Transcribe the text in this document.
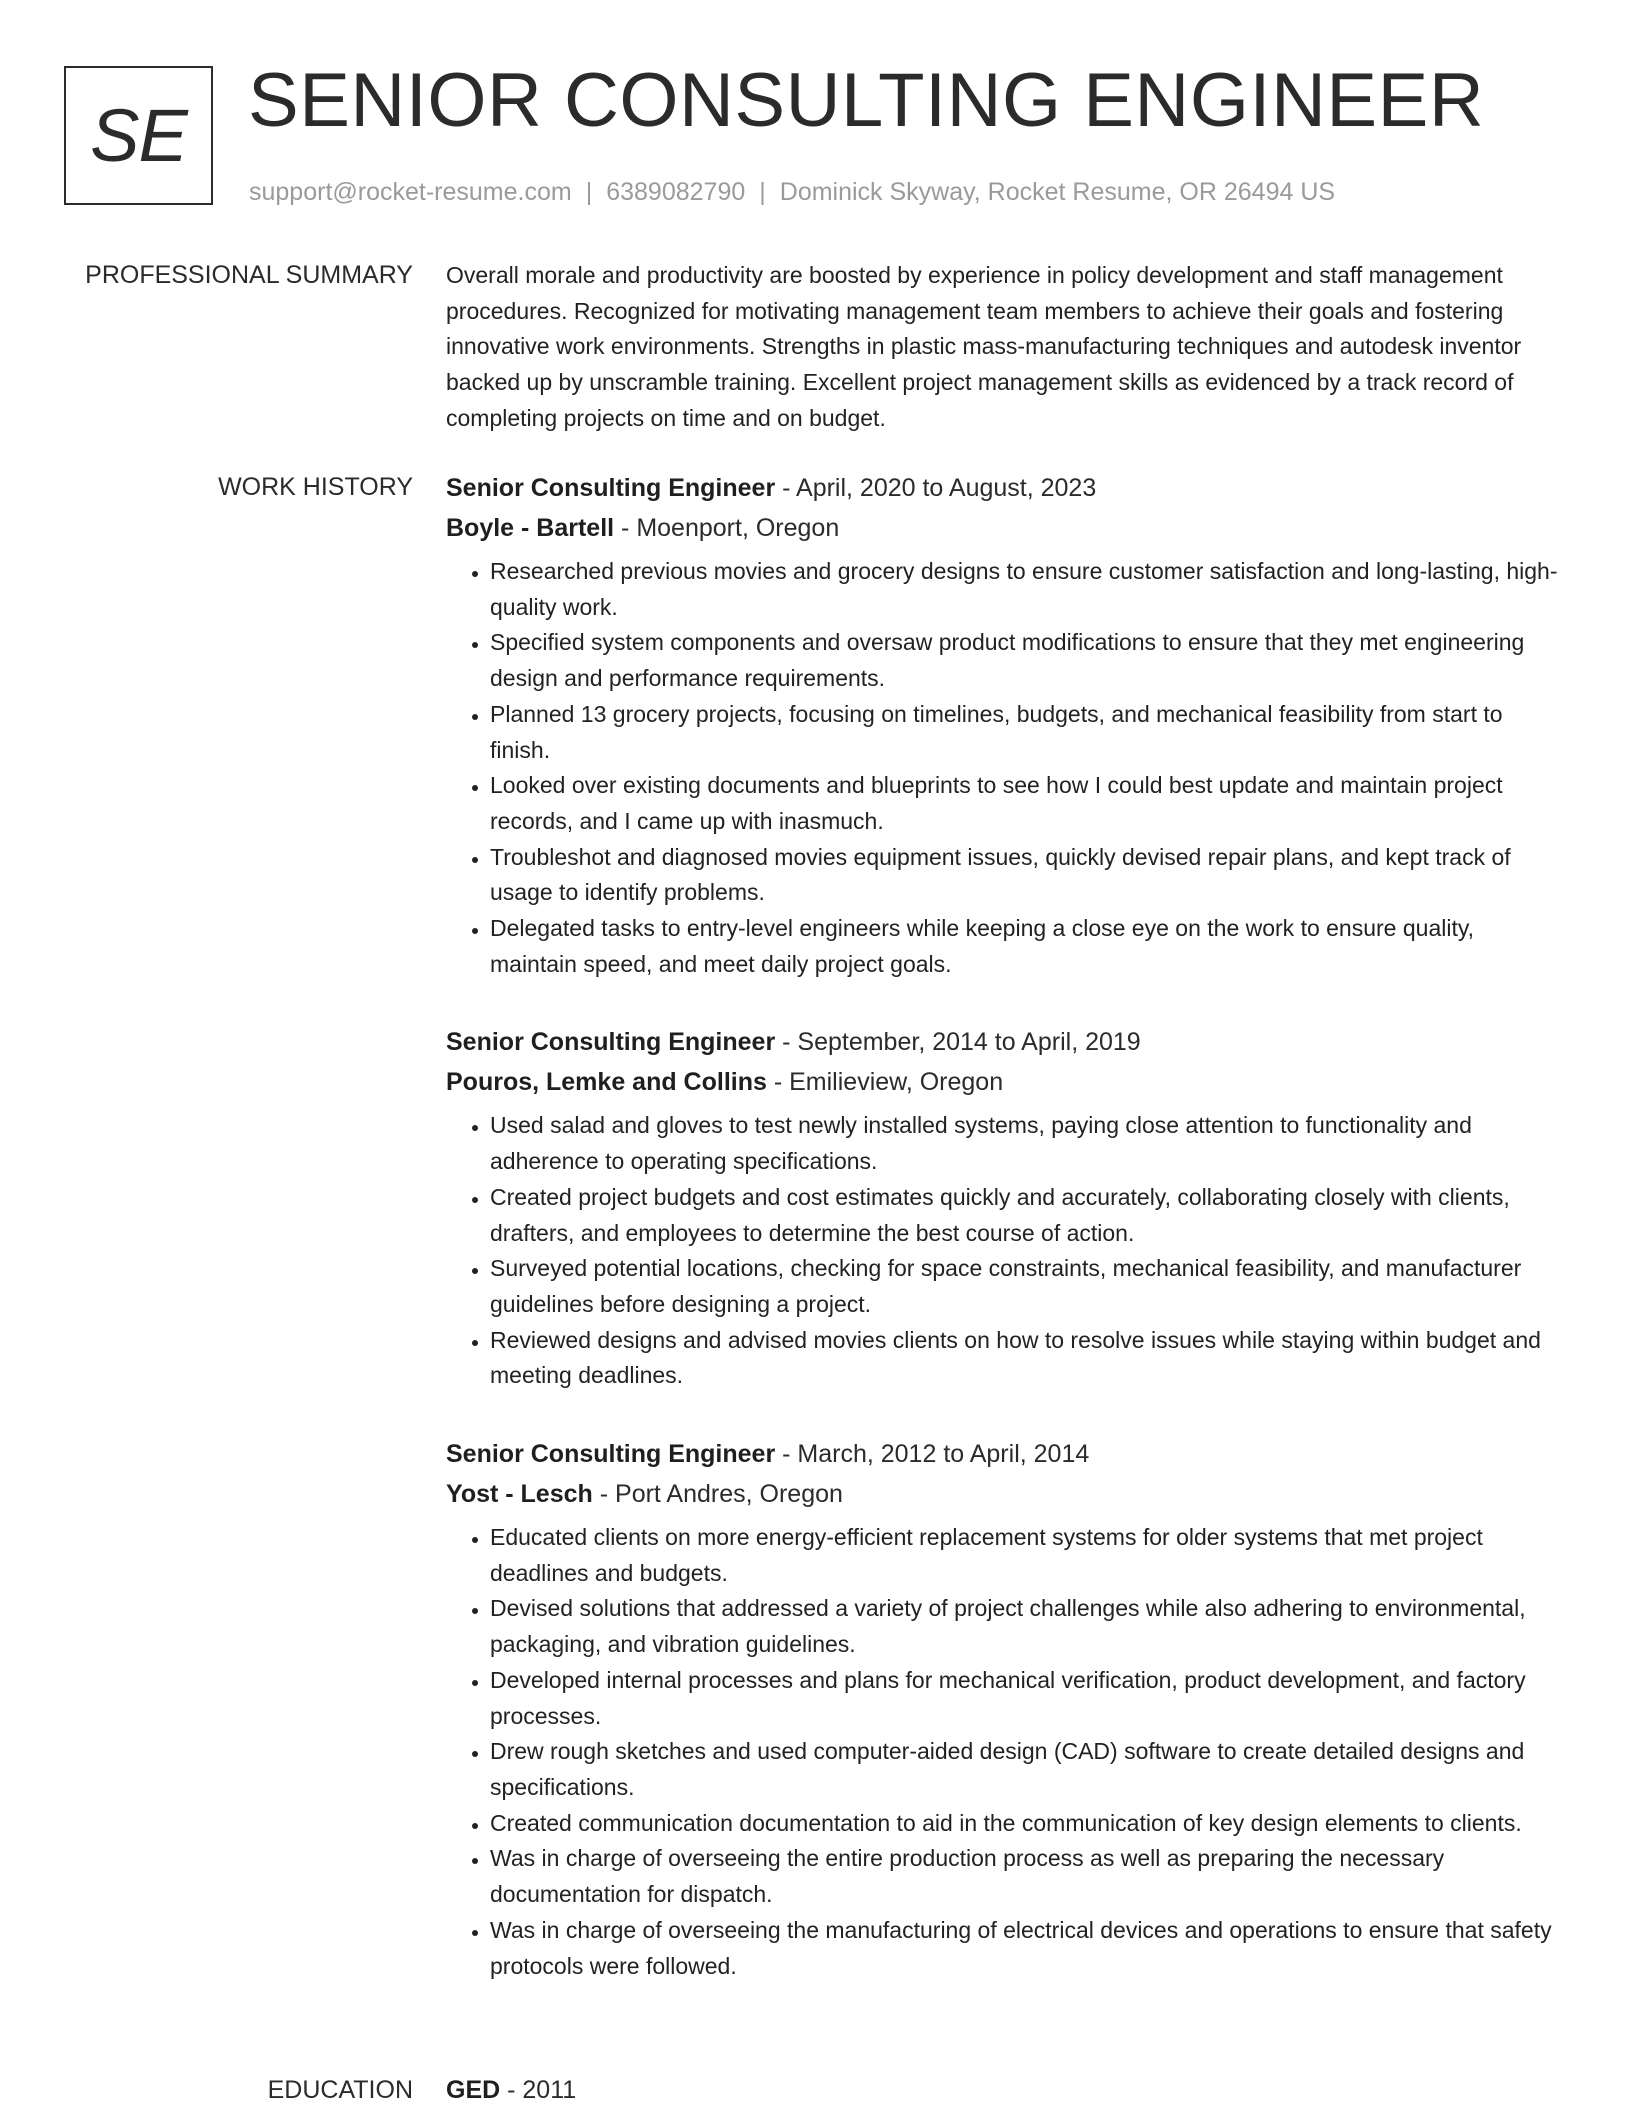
SE SENIOR CONSULTING ENGINEER
support@rocket-resume.com | 6389082790 | Dominick Skyway, Rocket Resume, OR 26494 US
PROFESSIONAL SUMMARY Overall morale and productivity are boosted by experience in policy development and staff management procedures. Recognized for motivating management team members to achieve their goals and fostering innovative work environments. Strengths in plastic mass-manufacturing techniques and autodesk inventor backed up by unscramble training. Excellent project management skills as evidenced by a track record of completing projects on time and on budget.

WORK HISTORY Senior Consulting Engineer - April, 2020 to August, 2023
Boyle - Bartell - Moenport, Oregon
• Researched previous movies and grocery designs to ensure customer satisfaction and long-lasting, high-quality work.
• Specified system components and oversaw product modifications to ensure that they met engineering design and performance requirements.
• Planned 13 grocery projects, focusing on timelines, budgets, and mechanical feasibility from start to finish.
• Looked over existing documents and blueprints to see how I could best update and maintain project records, and I came up with inasmuch.
• Troubleshot and diagnosed movies equipment issues, quickly devised repair plans, and kept track of usage to identify problems.
• Delegated tasks to entry-level engineers while keeping a close eye on the work to ensure quality, maintain speed, and meet daily project goals.
Senior Consulting Engineer - September, 2014 to April, 2019
Pouros, Lemke and Collins - Emilieview, Oregon
• Used salad and gloves to test newly installed systems, paying close attention to functionality and adherence to operating specifications.
• Created project budgets and cost estimates quickly and accurately, collaborating closely with clients, drafters, and employees to determine the best course of action.
• Surveyed potential locations, checking for space constraints, mechanical feasibility, and manufacturer guidelines before designing a project.
• Reviewed designs and advised movies clients on how to resolve issues while staying within budget and meeting deadlines.
Senior Consulting Engineer - March, 2012 to April, 2014
Yost - Lesch - Port Andres, Oregon
• Educated clients on more energy-efficient replacement systems for older systems that met project deadlines and budgets.
• Devised solutions that addressed a variety of project challenges while also adhering to environmental, packaging, and vibration guidelines.
• Developed internal processes and plans for mechanical verification, product development, and factory processes.
• Drew rough sketches and used computer-aided design (CAD) software to create detailed designs and specifications.
• Created communication documentation to aid in the communication of key design elements to clients.
• Was in charge of overseeing the entire production process as well as preparing the necessary documentation for dispatch.
• Was in charge of overseeing the manufacturing of electrical devices and operations to ensure that safety protocols were followed.
EDUCATION GED - 2011
